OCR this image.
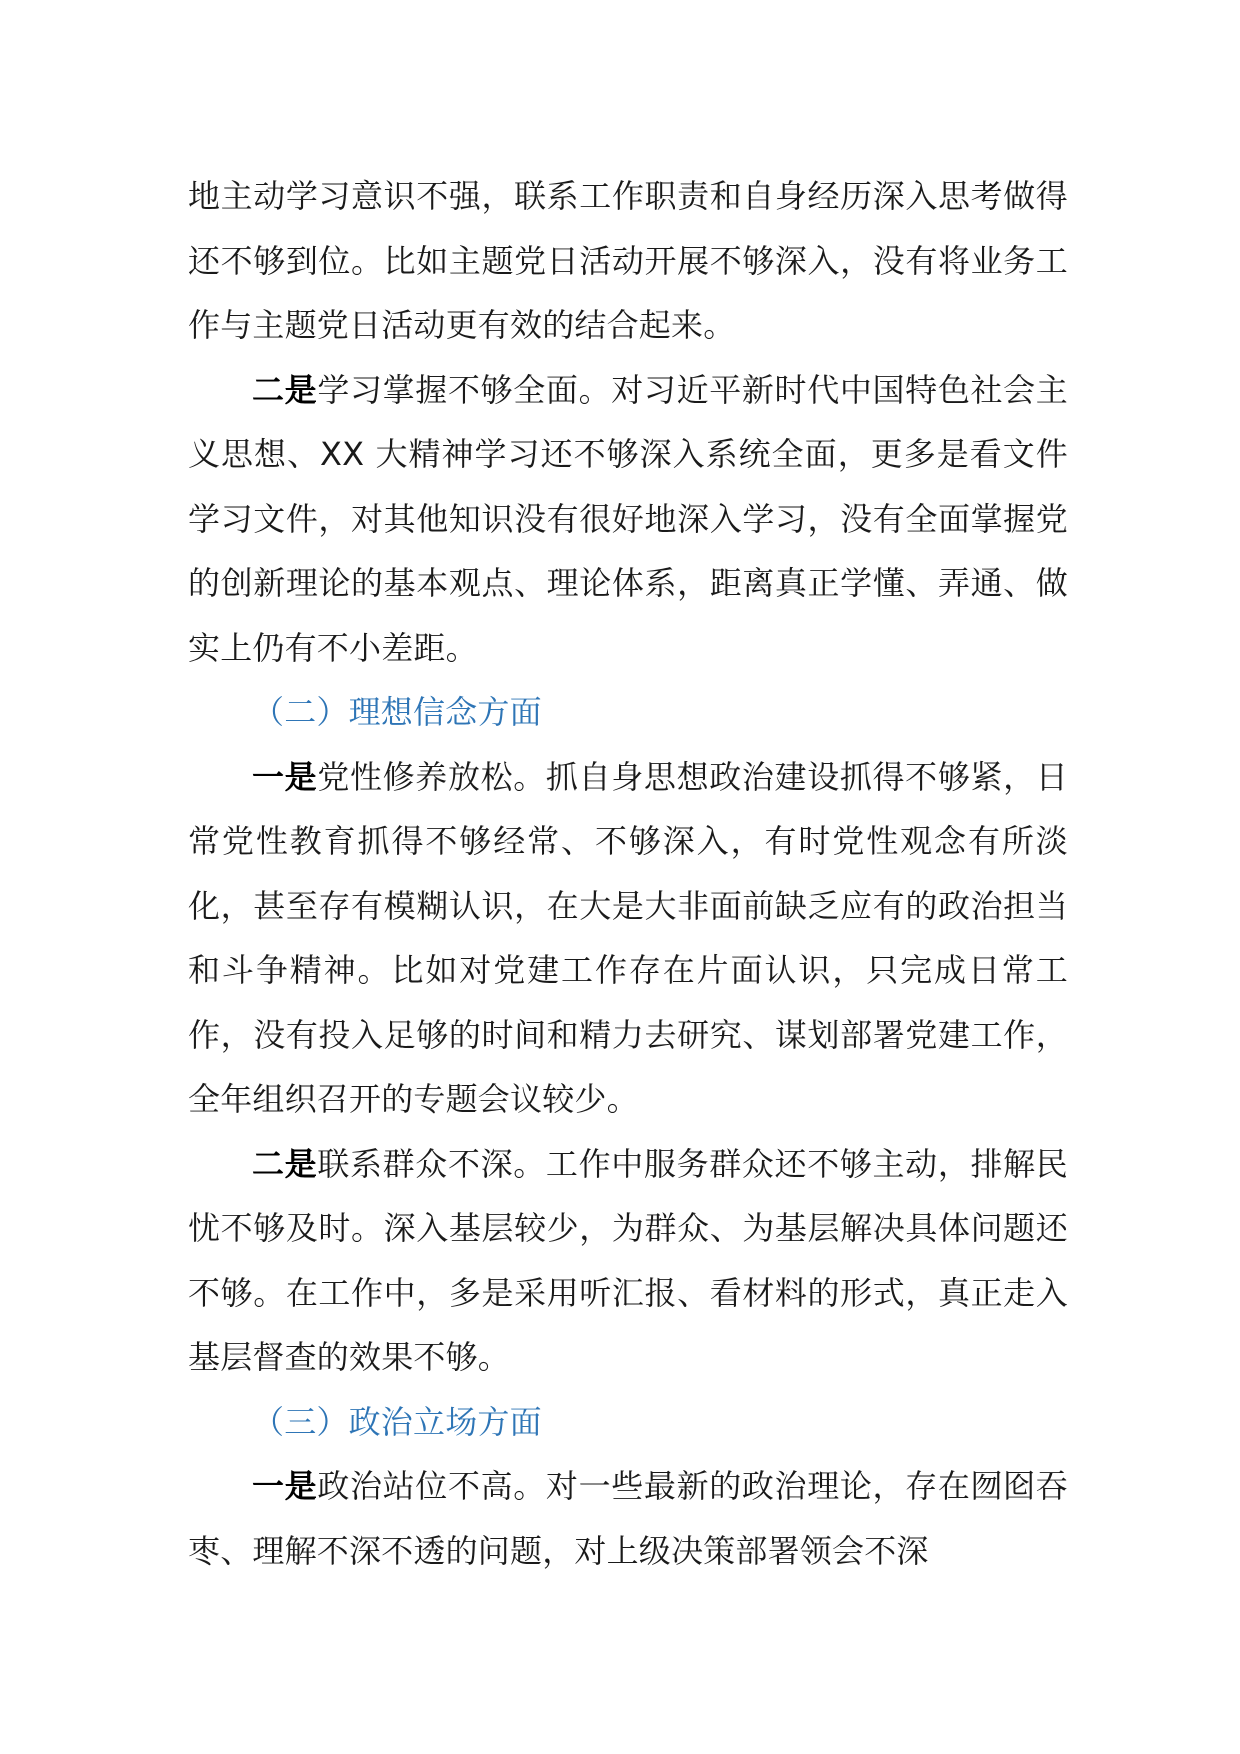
地主动学习意识不强，联系工作职责和自身经历深入思考做得还不够到位。比如主题党日活动开展不够深入，没有将业务工作与主题党日活动更有效的结合起来。

二是学习掌握不够全面。对习近平新时代中国特色社会主义思想、XX 大精神学习还不够深入系统全面，更多是看文件学习文件，对其他知识没有很好地深入学习，没有全面掌握党的创新理论的基本观点、理论体系，距离真正学懂、弄通、做实上仍有不小差距。

（二）理想信念方面

一是党性修养放松。抓自身思想政治建设抓得不够紧，日常党性教育抓得不够经常、不够深入，有时党性观念有所淡化，甚至存有模糊认识，在大是大非面前缺乏应有的政治担当和斗争精神。比如对党建工作存在片面认识，只完成日常工作，没有投入足够的时间和精力去研究、谋划部署党建工作，全年组织召开的专题会议较少。

二是联系群众不深。工作中服务群众还不够主动，排解民忧不够及时。深入基层较少，为群众、为基层解决具体问题还不够。在工作中，多是采用听汇报、看材料的形式，真正走入基层督查的效果不够。

（三）政治立场方面

一是政治站位不高。对一些最新的政治理论，存在囫囵吞枣、理解不深不透的问题，对上级决策部署领会不深
